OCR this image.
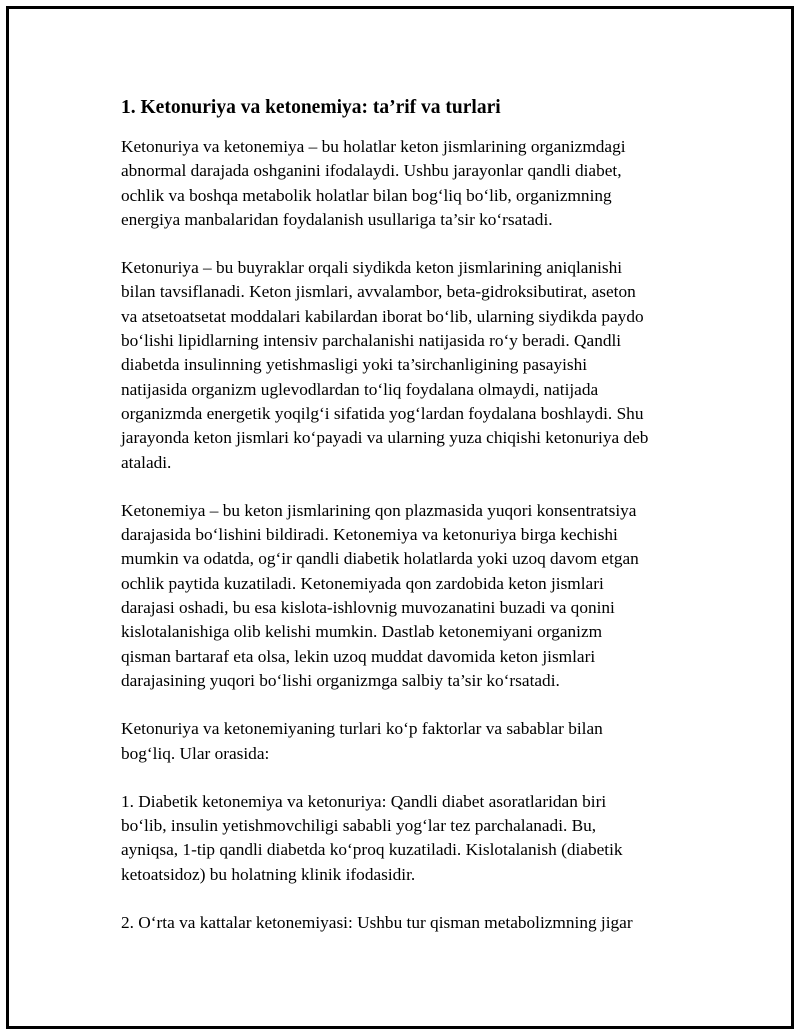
1. Ketonuriya va ketonemiya: ta’rif va turlari

Ketonuriya va ketonemiya – bu holatlar keton jismlarining organizmdagi
abnormal darajada oshganini ifodalaydi. Ushbu jarayonlar qandli diabet,
ochlik va boshqa metabolik holatlar bilan bog‘liq bo‘lib, organizmning
energiya manbalaridan foydalanish usullariga ta’sir ko‘rsatadi.

Ketonuriya – bu buyraklar orqali siydikda keton jismlarining aniqlanishi
bilan tavsiflanadi. Keton jismlari, avvalambor, beta-gidroksibutirat, aseton
va atsetoatsetat moddalari kabilardan iborat bo‘lib, ularning siydikda paydo
bo‘lishi lipidlarning intensiv parchalanishi natijasida ro‘y beradi. Qandli
diabetda insulinning yetishmasligi yoki ta’sirchanligining pasayishi
natijasida organizm uglevodlardan to‘liq foydalana olmaydi, natijada
organizmda energetik yoqilg‘i sifatida yog‘lardan foydalana boshlaydi. Shu
jarayonda keton jismlari ko‘payadi va ularning yuza chiqishi ketonuriya deb
ataladi.

Ketonemiya – bu keton jismlarining qon plazmasida yuqori konsentratsiya
darajasida bo‘lishini bildiradi. Ketonemiya va ketonuriya birga kechishi
mumkin va odatda, og‘ir qandli diabetik holatlarda yoki uzoq davom etgan
ochlik paytida kuzatiladi. Ketonemiyada qon zardobida keton jismlari
darajasi oshadi, bu esa kislota-ishlovnig muvozanatini buzadi va qonini
kislotalanishiga olib kelishi mumkin. Dastlab ketonemiyani organizm
qisman bartaraf eta olsa, lekin uzoq muddat davomida keton jismlari
darajasining yuqori bo‘lishi organizmga salbiy ta’sir ko‘rsatadi.

Ketonuriya va ketonemiyaning turlari ko‘p faktorlar va sabablar bilan
bog‘liq. Ular orasida:

1. Diabetik ketonemiya va ketonuriya: Qandli diabet asoratlaridan biri
bo‘lib, insulin yetishmovchiligi sababli yog‘lar tez parchalanadi. Bu,
ayniqsa, 1-tip qandli diabetda ko‘proq kuzatiladi. Kislotalanish (diabetik
ketoatsidoz) bu holatning klinik ifodasidir.

2. O‘rta va kattalar ketonemiyasi: Ushbu tur qisman metabolizmning jigar
